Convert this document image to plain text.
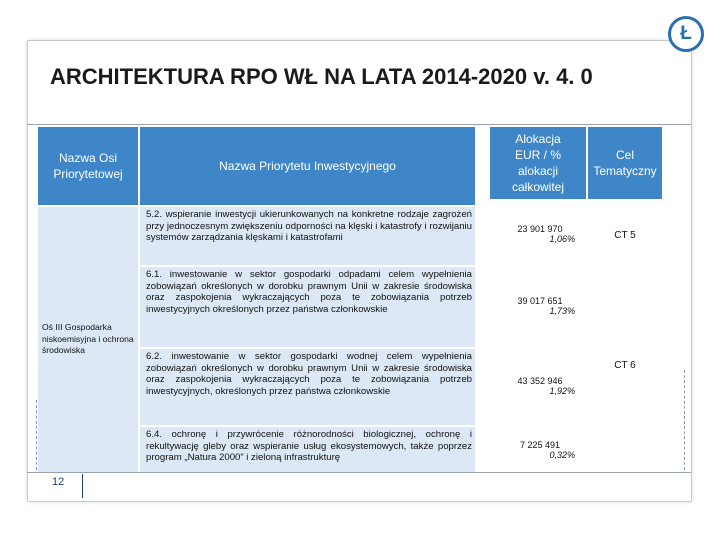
Ł
ARCHITEKTURA RPO WŁ NA LATA 2014-2020 v. 4. 0
Nazwa Osi Priorytetowej
Nazwa Priorytetu Inwestycyjnego
Alokacja EUR / % alokacji całkowitej
Cel Tematyczny
Oś III Gospodarka niskoemisyjna i ochrona środowiska
5.2. wspieranie inwestycji ukierunkowanych na konkretne rodzaje zagrożeń przy jednoczesnym zwiększeniu odporności na klęski i katastrofy i rozwijaniu systemów zarządzania klęskami i katastrofami
23 901 970
1,06%	CT 5
6.1. inwestowanie w sektor gospodarki odpadami celem wypełnienia zobowiązań określonych w dorobku prawnym Unii w zakresie środowiska oraz zaspokojenia wykraczających poza te zobowiązania potrzeb inwestycyjnych określonych przez państwa członkowskie
39 017 651
1,73%
6.2. inwestowanie w sektor gospodarki wodnej celem wypełnienia zobowiązań określonych w dorobku prawnym Unii w zakresie środowiska oraz zaspokojenia wykraczających poza te zobowiązania potrzeb inwestycyjnych, określonych przez państwa członkowskie
43 352 946
1,92%
CT 6
6.4. ochronę i przywrócenie różnorodności biologicznej, ochronę i rekultywację gleby oraz wspieranie usług ekosystemowych, także poprzez program „Natura 2000” i zieloną infrastrukturę
7 225 491
0,32%
12
